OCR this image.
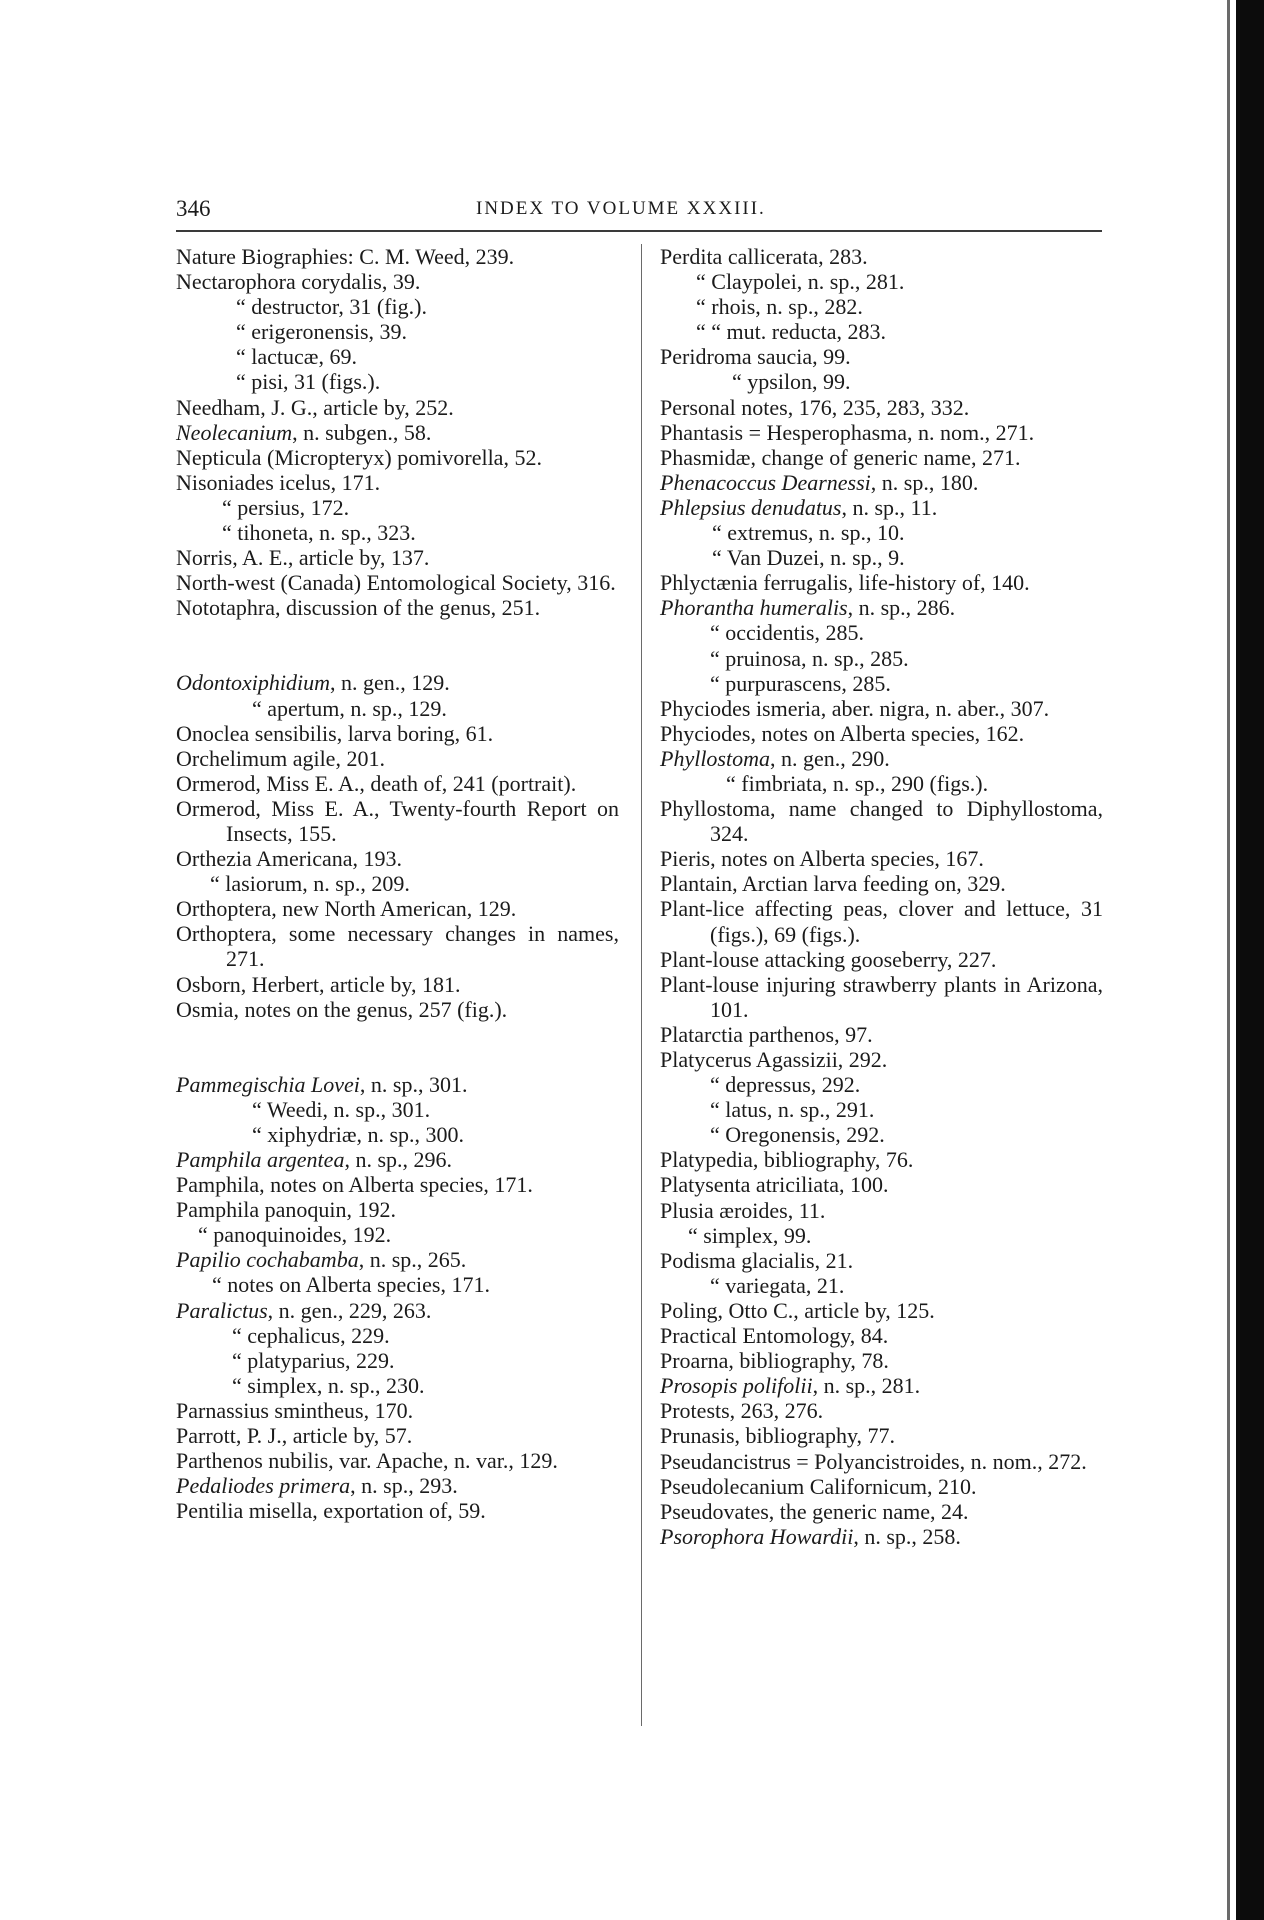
346	INDEX TO VOLUME XXXIII.
Nature Biographies: C. M. Weed, 239.
Nectarophora corydalis, 39.
“ destructor, 31 (fig.).
“ erigeronensis, 39.
“ lactucæ, 69.
“ pisi, 31 (figs.).
Needham, J. G., article by, 252.
Neolecanium, n. subgen., 58.
Nepticula (Micropteryx) pomivorella, 52.
Nisoniades icelus, 171.
“ persius, 172.
“ tihoneta, n. sp., 323.
Norris, A. E., article by, 137.
North-west (Canada) Entomological Society, 316.
Nototaphra, discussion of the genus, 251.
Odontoxiphidium, n. gen., 129.
“ apertum, n. sp., 129.
Onoclea sensibilis, larva boring, 61.
Orchelimum agile, 201.
Ormerod, Miss E. A., death of, 241 (portrait).
Ormerod, Miss E. A., Twenty-fourth Report on Insects, 155.
Orthezia Americana, 193.
“ lasiorum, n. sp., 209.
Orthoptera, new North American, 129.
Orthoptera, some necessary changes in names, 271.
Osborn, Herbert, article by, 181.
Osmia, notes on the genus, 257 (fig.).
Pammegischia Lovei, n. sp., 301.
“ Weedi, n. sp., 301.
“ xiphydriæ, n. sp., 300.
Pamphila argentea, n. sp., 296.
Pamphila, notes on Alberta species, 171.
Pamphila panoquin, 192.
“ panoquinoides, 192.
Papilio cochabamba, n. sp., 265.
“ notes on Alberta species, 171.
Paralictus, n. gen., 229, 263.
“ cephalicus, 229.
“ platyparius, 229.
“ simplex, n. sp., 230.
Parnassius smintheus, 170.
Parrott, P. J., article by, 57.
Parthenos nubilis, var. Apache, n. var., 129.
Pedaliodes primera, n. sp., 293.
Pentilia misella, exportation of, 59.
Perdita callicerata, 283.
“ Claypolei, n. sp., 281.
“ rhois, n. sp., 282.
“ “ mut. reducta, 283.
Peridroma saucia, 99.
“ ypsilon, 99.
Personal notes, 176, 235, 283, 332.
Phantasis = Hesperophasma, n. nom., 271.
Phasmidæ, change of generic name, 271.
Phenacoccus Dearnessi, n. sp., 180.
Phlepsius denudatus, n. sp., 11.
“ extremus, n. sp., 10.
“ Van Duzei, n. sp., 9.
Phlyctænia ferrugalis, life-history of, 140.
Phorantha humeralis, n. sp., 286.
“ occidentis, 285.
“ pruinosa, n. sp., 285.
“ purpurascens, 285.
Phyciodes ismeria, aber. nigra, n. aber., 307.
Phyciodes, notes on Alberta species, 162.
Phyllostoma, n. gen., 290.
“ fimbriata, n. sp., 290 (figs.).
Phyllostoma, name changed to Diphyllostoma, 324.
Pieris, notes on Alberta species, 167.
Plantain, Arctian larva feeding on, 329.
Plant-lice affecting peas, clover and lettuce, 31 (figs.), 69 (figs.).
Plant-louse attacking gooseberry, 227.
Plant-louse injuring strawberry plants in Arizona, 101.
Platarctia parthenos, 97.
Platycerus Agassizii, 292.
“ depressus, 292.
“ latus, n. sp., 291.
“ Oregonensis, 292.
Platypedia, bibliography, 76.
Platysenta atriciliata, 100.
Plusia æroides, 11.
“ simplex, 99.
Podisma glacialis, 21.
“ variegata, 21.
Poling, Otto C., article by, 125.
Practical Entomology, 84.
Proarna, bibliography, 78.
Prosopis polifolii, n. sp., 281.
Protests, 263, 276.
Prunasis, bibliography, 77.
Pseudancistrus = Polyancistroides, n. nom., 272.
Pseudolecanium Californicum, 210.
Pseudovates, the generic name, 24.
Psorophora Howardii, n. sp., 258.
